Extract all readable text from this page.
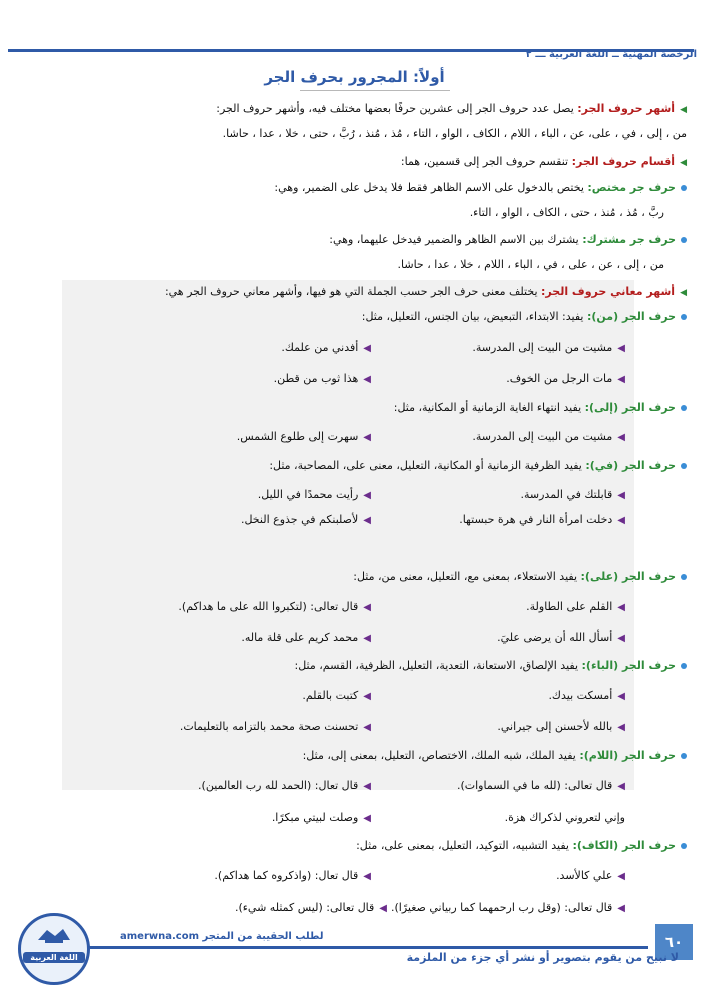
الرخصة المهنية ــ اللغة العربية ـــ ٢
أولاً: المجرور بحرف الجر
◀أشهر حروف الجر: يصل عدد حروف الجر إلى عشرين حرفًا بعضها مختلف فيه، وأشهر حروف الجر:
من ، إلى ، في ، على، عن ، الباء ، اللام ، الكاف ، الواو ، التاء ، مُذ ، مُنذ ، رُبَّ ، حتى ، خلا ، عدا ، حاشا.
◀أقسام حروف الجر: تنقسم حروف الجر إلى قسمين، هما:
حرف جر مختص: يختص بالدخول على الاسم الظاهر فقط فلا يدخل على الضمير، وهي:
ربَّ ، مُذ ، مُنذ ، حتى ، الكاف ، الواو ، التاء.
حرف جر مشترك: يشترك بين الاسم الظاهر والضمير فيدخل عليهما، وهي:
من ، إلى ، عن ، على ، في ، الباء ، اللام ، خلا ، عدا ، حاشا.
◀أشهر معاني حروف الجر: يختلف معنى حرف الجر حسب الجملة التي هو فيها، وأشهر معاني حروف الجر هي:
حرف الجر (من): يفيد: الابتداء، التبعيض، بيان الجنس، التعليل، مثل:
◀مشيت من البيت إلى المدرسة.
◀أفدني من علمك.
◀مات الرجل من الخوف.
◀هذا ثوب من قطن.
حرف الجر (إلى): يفيد انتهاء الغاية الزمانية أو المكانية، مثل:
◀مشيت من البيت إلى المدرسة.
◀سهرت إلى طلوع الشمس.
حرف الجر (في): يفيد الظرفية الزمانية أو المكانية، التعليل، معنى على، المصاحبة، مثل:
◀قابلتك في المدرسة.
◀رأيت محمدًا في الليل.
◀دخلت امرأة النار في هرة حبستها.
◀لأصلبنكم في جذوع النخل.
حرف الجر (على): يفيد الاستعلاء، بمعنى مع، التعليل، معنى من، مثل:
◀القلم على الطاولة.
◀قال تعالى: (لتكبروا الله على ما هداكم).
◀أسأل الله أن يرضى عليَ.
◀محمد كريم على قلة ماله.
حرف الجر (الباء): يفيد الإلصاق، الاستعانة، التعدية، التعليل، الظرفية، القسم، مثل:
◀أمسكت بيدك.
◀كتبت بالقلم.
◀بالله لأحسنن إلى جيراني.
◀تحسنت صحة محمد بالتزامه بالتعليمات.
حرف الجر (اللام): يفيد الملك، شبه الملك، الاختصاص، التعليل، بمعنى إلى، مثل:
◀قال تعالى: (لله ما في السماوات).
◀قال تعال: (الحمد لله رب العالمين).
وإني لتعروني لذكراك هزة.
◀وصلت لبيتي مبكرًا.
حرف الجر (الكاف): يفيد التشبيه، التوكيد، التعليل، بمعنى على، مثل:
◀علي كالأسد.
◀قال تعال: (واذكروه كما هداكم).
◀قال تعالى: (وقل رب ارحمهما كما ربياني صغيرًا).◀قال تعالى: (ليس كمثله شيء).
لطلب الحقيبة من المتجر amerwna.com	٦٠
لا نبيح من يقوم بتصوير أو نشر أي جزء من الملزمة
اللغة العربية
